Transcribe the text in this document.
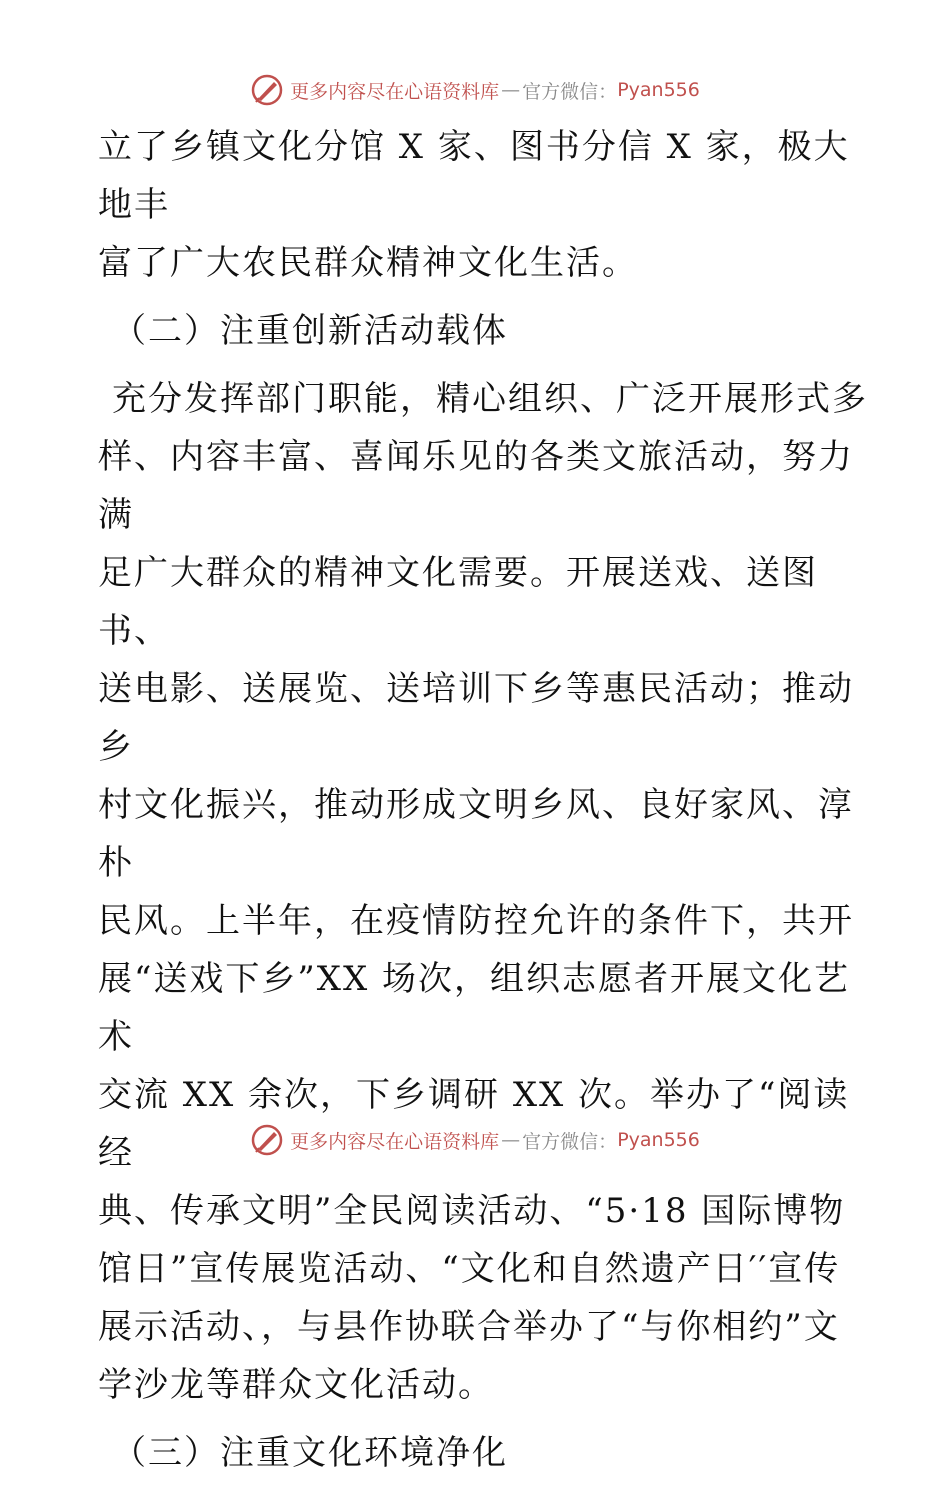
更多内容尽在心语资料库 — 官方微信： Pyan556

立了乡镇文化分馆 X 家、图书分信 X 家，极大地丰

富了广大农民群众精神文化生活。

（二）注重创新活动载体

充分发挥部门职能，精心组织、广泛开展形式多

样、内容丰富、喜闻乐见的各类文旅活动，努力满

足广大群众的精神文化需要。开展送戏、送图书、

送电影、送展览、送培训下乡等惠民活动；推动乡

村文化振兴，推动形成文明乡风、良好家风、淳朴

民风。上半年，在疫情防控允许的条件下，共开

展“送戏下乡”XX 场次，组织志愿者开展文化艺术

交流 XX 余次，下乡调研 XX 次。举办了“阅读经

典、传承文明”全民阅读活动、“5·18 国际博物

馆日”宣传展览活动、“文化和自然遗产日′′宣传

展示活动、，与县作协联合举办了“与你相约”文

学沙龙等群众文化活动。

（三）注重文化环境净化

更多内容尽在心语资料库 — 官方微信： Pyan556
